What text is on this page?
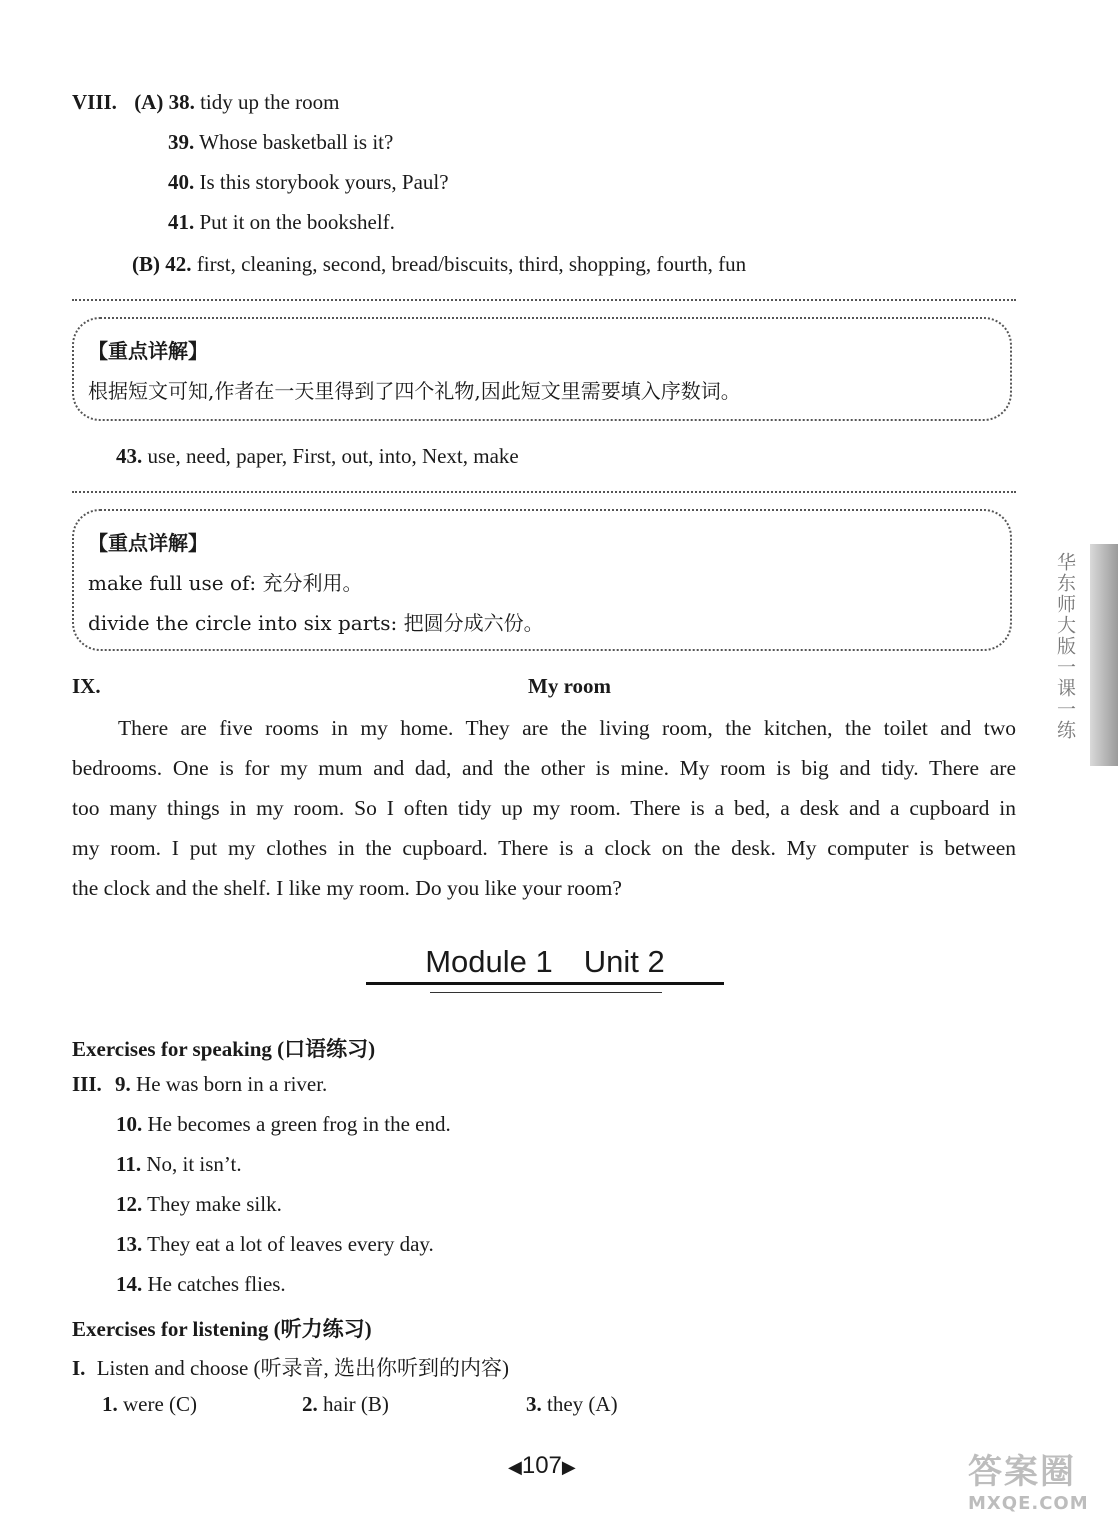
VIII. (A) 38. tidy up the room
39. Whose basketball is it?
40. Is this storybook yours, Paul?
41. Put it on the bookshelf.
(B) 42. first, cleaning, second, bread/biscuits, third, shopping, fourth, fun
【重点详解】
根据短文可知,作者在一天里得到了四个礼物,因此短文里需要填入序数词。
43. use, need, paper, First, out, into, Next, make
【重点详解】
make full use of: 充分利用。
divide the circle into six parts: 把圆分成六份。
IX.	My room
There are five rooms in my home. They are the living room, the kitchen, the toilet and two
bedrooms. One is for my mum and dad, and the other is mine. My room is big and tidy. There are
too many things in my room. So I often tidy up my room. There is a bed, a desk and a cupboard in
my room. I put my clothes in the cupboard. There is a clock on the desk. My computer is between
the clock and the shelf. I like my room. Do you like your room?
Module 1　Unit 2
Exercises for speaking (口语练习)
III. 9. He was born in a river.
10. He becomes a green frog in the end.
11. No, it isn’t.
12. They make silk.
13. They eat a lot of leaves every day.
14. He catches flies.
Exercises for listening (听力练习)
I. Listen and choose (听录音, 选出你听到的内容)
1. were (C)	2. hair (B)	3. they (A)
◀107▶
华东师大版一课一练
答案圈
MXQE.COM
